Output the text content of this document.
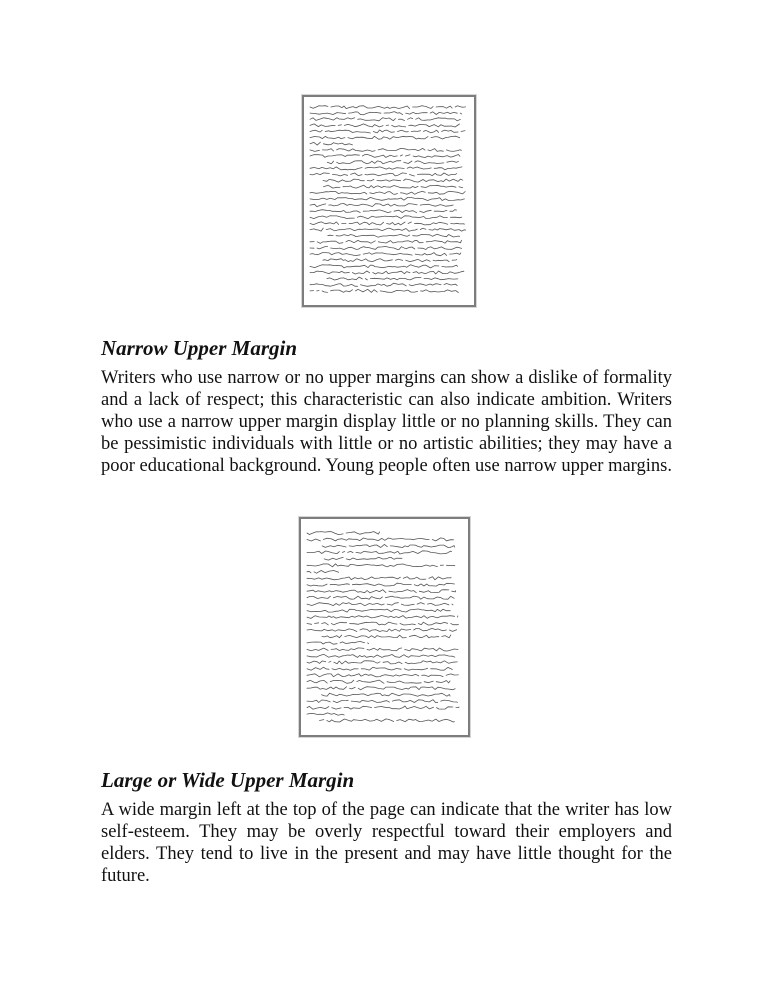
Narrow Upper Margin

Writers who use narrow or no upper margins can show a dislike of formality and a lack of respect; this characteristic can also indicate ambition. Writers who use a narrow upper margin display little or no planning skills. They can be pessimistic individuals with little or no artistic abilities; they may have a poor educational background. Young people often use narrow upper margins.

Large or Wide Upper Margin

A wide margin left at the top of the page can indicate that the writer has low self-esteem. They may be overly respectful toward their employers and elders. They tend to live in the present and may have little thought for the future.
